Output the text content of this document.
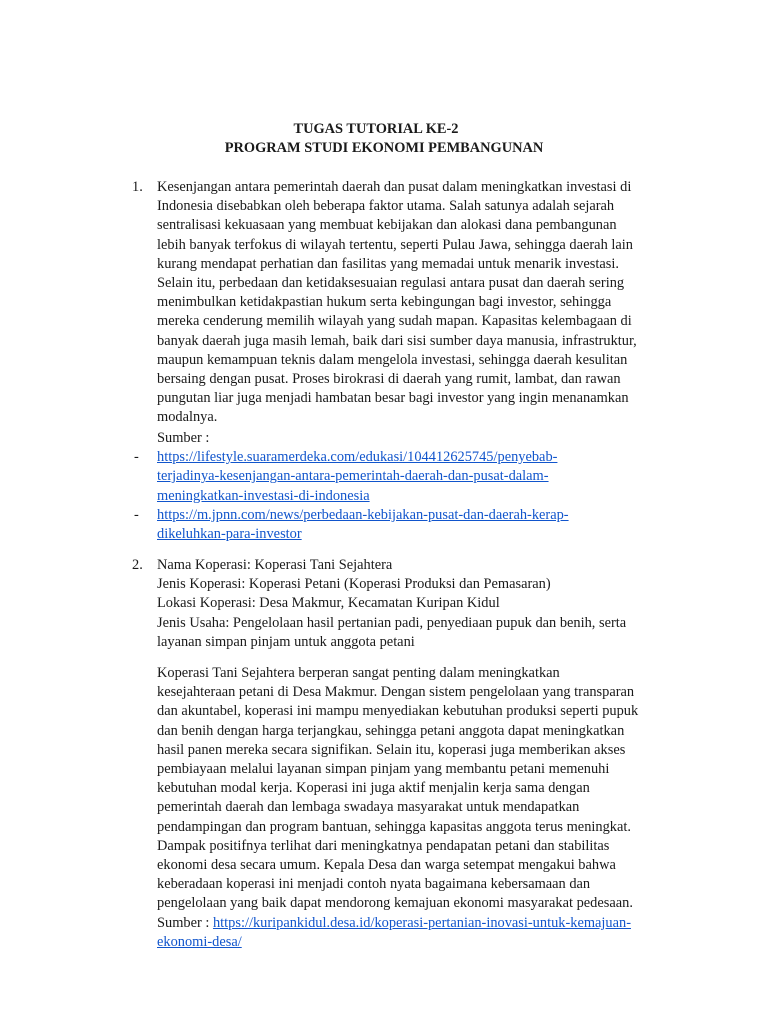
TUGAS TUTORIAL KE-2
PROGRAM STUDI EKONOMI PEMBANGUNAN
1. Kesenjangan antara pemerintah daerah dan pusat dalam meningkatkan investasi di
Indonesia disebabkan oleh beberapa faktor utama. Salah satunya adalah sejarah
sentralisasi kekuasaan yang membuat kebijakan dan alokasi dana pembangunan
lebih banyak terfokus di wilayah tertentu, seperti Pulau Jawa, sehingga daerah lain
kurang mendapat perhatian dan fasilitas yang memadai untuk menarik investasi.
Selain itu, perbedaan dan ketidaksesuaian regulasi antara pusat dan daerah sering
menimbulkan ketidakpastian hukum serta kebingungan bagi investor, sehingga
mereka cenderung memilih wilayah yang sudah mapan. Kapasitas kelembagaan di
banyak daerah juga masih lemah, baik dari sisi sumber daya manusia, infrastruktur,
maupun kemampuan teknis dalam mengelola investasi, sehingga daerah kesulitan
bersaing dengan pusat. Proses birokrasi di daerah yang rumit, lambat, dan rawan
pungutan liar juga menjadi hambatan besar bagi investor yang ingin menanamkan
modalnya.

Sumber :

- https://lifestyle.suaramerdeka.com/edukasi/104412625745/penyebab-
terjadinya-kesenjangan-antara-pemerintah-daerah-dan-pusat-dalam-
meningkatkan-investasi-di-indonesia
- https://m.jpnn.com/news/perbedaan-kebijakan-pusat-dan-daerah-kerap-
dikeluhkan-para-investor
2. Nama Koperasi: Koperasi Tani Sejahtera
Jenis Koperasi: Koperasi Petani (Koperasi Produksi dan Pemasaran)
Lokasi Koperasi: Desa Makmur, Kecamatan Kuripan Kidul
Jenis Usaha: Pengelolaan hasil pertanian padi, penyediaan pupuk dan benih, serta
layanan simpan pinjam untuk anggota petani

Koperasi Tani Sejahtera berperan sangat penting dalam meningkatkan
kesejahteraan petani di Desa Makmur. Dengan sistem pengelolaan yang transparan
dan akuntabel, koperasi ini mampu menyediakan kebutuhan produksi seperti pupuk
dan benih dengan harga terjangkau, sehingga petani anggota dapat meningkatkan
hasil panen mereka secara signifikan. Selain itu, koperasi juga memberikan akses
pembiayaan melalui layanan simpan pinjam yang membantu petani memenuhi
kebutuhan modal kerja. Koperasi ini juga aktif menjalin kerja sama dengan
pemerintah daerah dan lembaga swadaya masyarakat untuk mendapatkan
pendampingan dan program bantuan, sehingga kapasitas anggota terus meningkat.
Dampak positifnya terlihat dari meningkatnya pendapatan petani dan stabilitas
ekonomi desa secara umum. Kepala Desa dan warga setempat mengakui bahwa
keberadaan koperasi ini menjadi contoh nyata bagaimana kebersamaan dan
pengelolaan yang baik dapat mendorong kemajuan ekonomi masyarakat pedesaan.
Sumber : https://kuripankidul.desa.id/koperasi-pertanian-inovasi-untuk-kemajuan-
ekonomi-desa/
